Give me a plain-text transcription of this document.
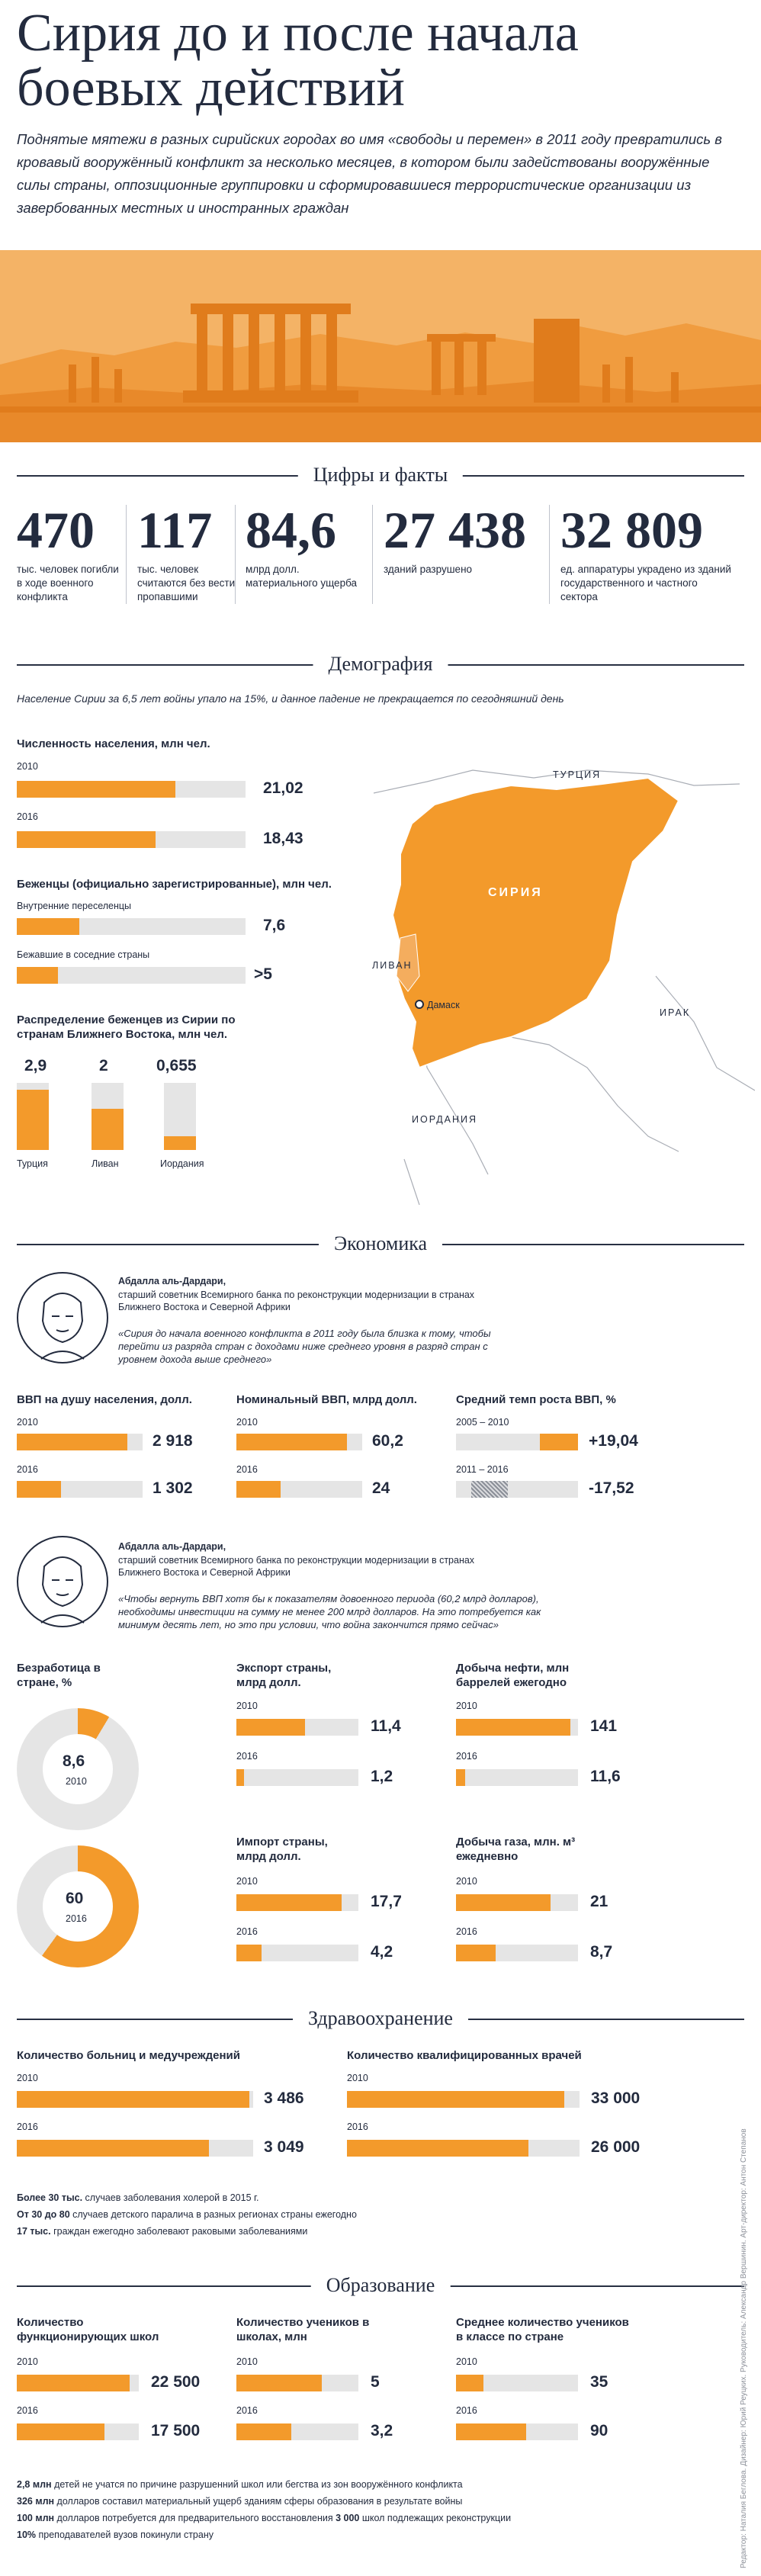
Сирия до и после начала боевых действий
Поднятые мятежи в разных сирийских городах во имя «свободы и перемен» в 2011 году превратились в кровавый вооружённый конфликт за несколько месяцев, в котором были задействованы вооружённые силы страны, оппозиционные группировки и сформировавшиеся террористические организации из завербованных местных и иностранных граждан
Цифры и факты
470
тыс. человек погибли в ходе военного конфликта
117
тыс. человек считаются без вести пропавшими
84,6
млрд долл. материального ущерба
27 438
зданий разрушено
32 809
ед. аппаратуры украдено из зданий государственного и частного сектора
Демография
Население Сирии за 6,5 лет войны упало на 15%, и данное падение не прекращается по сегодняшний день
Численность населения, млн чел.
2010
21,02
2016
18,43
Беженцы (официально зарегистрированные), млн чел.
Внутренние переселенцы
7,6
Бежавшие в соседние страны
>5
Распределение беженцев из Сирии по странам Ближнего Востока, млн чел.
2,9
Турция
2
Ливан
0,655
Иордания
ТУРЦИЯ
СИРИЯ
ЛИВАН
Дамаск
ИРАК
ИОРДАНИЯ
Экономика
Абдалла аль-Дардари,
старший советник Всемирного банка по реконструкции модернизации в странах Ближнего Востока и Северной Африки
«Сирия до начала военного конфликта в 2011 году была близка к тому, чтобы перейти из разряда стран с доходами ниже среднего уровня в разряд стран с уровнем дохода выше среднего»
ВВП на душу населения, долл.
2010
2 918
2016
1 302
Номинальный ВВП, млрд долл.
2010
60,2
2016
24
Средний темп роста ВВП, %
2005 – 2010
+19,04
2011 – 2016
-17,52
Абдалла аль-Дардари,
старший советник Всемирного банка по реконструкции модернизации в странах Ближнего Востока и Северной Африки
«Чтобы вернуть ВВП хотя бы к показателям довоенного периода (60,2 млрд долларов), необходимы инвестиции на сумму не менее 200 млрд долларов. На это потребуется как минимум десять лет, но это при условии, что война закончится прямо сейчас»
Безработица в стране, %
8,6
2010
60
2016
Экспорт страны, млрд долл.
2010
11,4
2016
1,2
Импорт страны, млрд долл.
2010
17,7
2016
4,2
Добыча нефти, млн баррелей ежегодно
2010
141
2016
11,6
Добыча газа, млн. м³ ежедневно
2010
21
2016
8,7
Здравоохранение
Количество больниц и медучреждений
2010
3 486
2016
3 049
Количество квалифицированных врачей
2010
33 000
2016
26 000
Более 30 тыс. случаев заболевания холерой в 2015 г.
От 30 до 80 случаев детского паралича в разных регионах страны ежегодно
17 тыс. граждан ежегодно заболевают раковыми заболеваниями
Образование
Количество функционирующих школ
2010
22 500
2016
17 500
Количество учеников в школах, млн
2010
5
2016
3,2
Среднее количество учеников в классе по стране
2010
35
2016
90
2,8 млн детей не учатся по причине разрушенний школ или бегства из зон вооружённого конфликта
326 млн долларов составил материальный ущерб зданиям сферы образования в результате войны
100 млн долларов потребуется для предварительного восстановления 3 000 школ подлежащих реконструкции
10% преподавателей вузов покинули страну	Редактор: Наталия Беглова. Дизайнер: Юрий Реуцких. Руководитель: Александр Вершинин. Арт-директор: Антон Степанов
